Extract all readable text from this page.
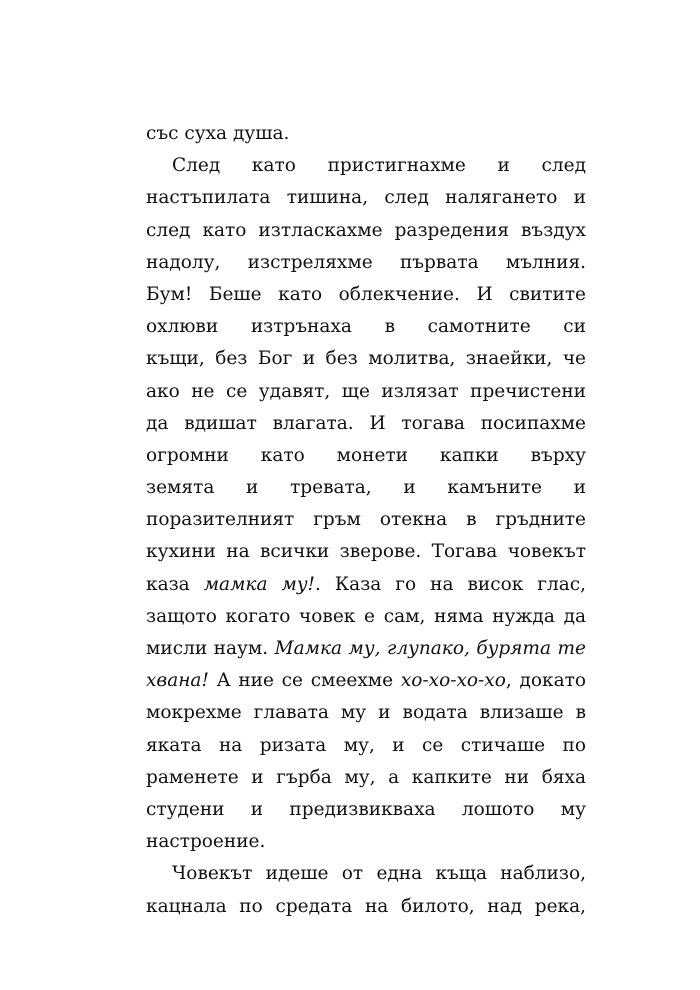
със суха душа.
След като пристигнахме и след
настъпилата тишина, след налягането и
след като изтласкахме разредения въздух
надолу, изстреляхме първата мълния.
Бум! Беше като облекчение. И свитите
охлюви изтрънаха в самотните си
къщи, без Бог и без молитва, знаейки, че
ако не се удавят, ще излязат пречистени
да вдишат влагата. И тогава посипахме
огромни като монети капки върху
земята и тревата, и камъните и
поразителният гръм отекна в гръдните
кухини на всички зверове. Тогава човекът
каза мамка му!. Каза го на висок глас,
защото когато човек е сам, няма нужда да
мисли наум. Мамка му, глупако, бурята те
хвана! А ние се смеехме хо-хо-хо-хо, докато
мокрехме главата му и водата влизаше в
яката на ризата му, и се стичаше по
раменете и гърба му, а капките ни бяха
студени и предизвикваха лошото му
настроение.
Човекът идеше от една къща наблизо,
кацнала по средата на билото, над река,
